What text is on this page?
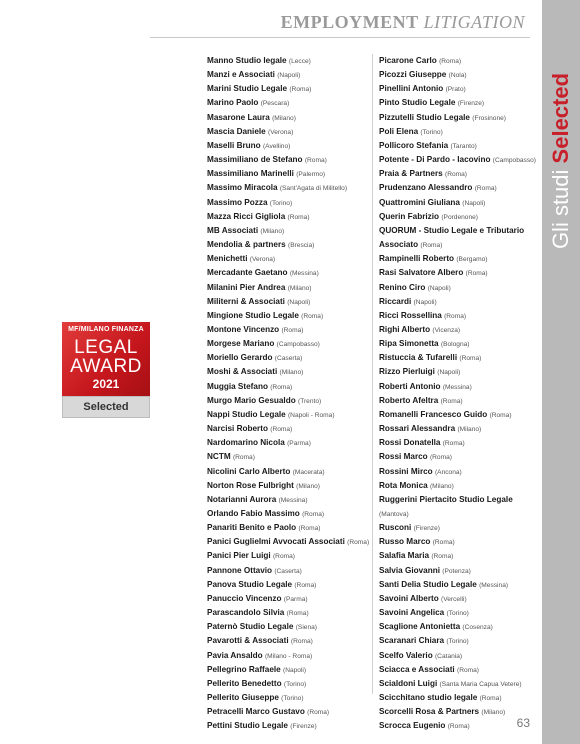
EMPLOYMENT LITIGATION
Gli studi Selected
MF/MILANO FINANZA
LEGAL
AWARD
2021
Selected
Manno Studio legale (Lecce)
Manzi e Associati (Napoli)
Marini Studio Legale (Roma)
Marino Paolo (Pescara)
Masarone Laura (Milano)
Mascia Daniele (Verona)
Maselli Bruno (Avellino)
Massimiliano de Stefano (Roma)
Massimiliano Marinelli (Palermo)
Massimo Miracola (Sant'Agata di Militello)
Massimo Pozza (Torino)
Mazza Ricci Gigliola (Roma)
MB Associati (Milano)
Mendolia & partners (Brescia)
Menichetti (Verona)
Mercadante Gaetano (Messina)
Milanini Pier Andrea (Milano)
Militerni & Associati (Napoli)
Mingione Studio Legale (Roma)
Montone Vincenzo (Roma)
Morgese Mariano (Campobasso)
Moriello Gerardo (Caserta)
Moshi & Associati (Milano)
Muggia Stefano (Roma)
Murgo Mario Gesualdo (Trento)
Nappi Studio Legale (Napoli - Roma)
Narcisi Roberto (Roma)
Nardomarino Nicola (Parma)
NCTM (Roma)
Nicolini Carlo Alberto (Macerata)
Norton Rose Fulbright (Milano)
Notarianni Aurora (Messina)
Orlando Fabio Massimo (Roma)
Panariti Benito e Paolo (Roma)
Panici Guglielmi Avvocati Associati (Roma)
Panici Pier Luigi (Roma)
Pannone Ottavio (Caserta)
Panova Studio Legale (Roma)
Panuccio Vincenzo (Parma)
Parascandolo Silvia (Roma)
Paternò Studio Legale (Siena)
Pavarotti & Associati (Roma)
Pavia Ansaldo (Milano - Roma)
Pellegrino Raffaele (Napoli)
Pellerito Benedetto (Torino)
Pellerito Giuseppe (Torino)
Petracelli Marco Gustavo (Roma)
Pettini Studio Legale (Firenze)
Picarone Carlo (Roma)
Picozzi Giuseppe (Nola)
Pinellini Antonio (Prato)
Pinto Studio Legale (Firenze)
Pizzutelli Studio Legale (Frosinone)
Poli Elena (Torino)
Pollicoro Stefania (Taranto)
Potente - Di Pardo - Iacovino (Campobasso)
Praia & Partners (Roma)
Prudenzano Alessandro (Roma)
Quattromini Giuliana (Napoli)
Querin Fabrizio (Pordenone)
QUORUM - Studio Legale e Tributario
Associato (Roma)
Rampinelli Roberto (Bergamo)
Rasi Salvatore Albero (Roma)
Renino Ciro (Napoli)
Riccardi (Napoli)
Ricci Rossellina (Roma)
Righi Alberto (Vicenza)
Ripa Simonetta (Bologna)
Ristuccia & Tufarelli (Roma)
Rizzo Pierluigi (Napoli)
Roberti Antonio (Messina)
Roberto Afeltra (Roma)
Romanelli Francesco Guido (Roma)
Rossari Alessandra (Milano)
Rossi Donatella (Roma)
Rossi Marco (Roma)
Rossini Mirco (Ancona)
Rota Monica (Milano)
Ruggerini Piertacito Studio Legale
(Mantova)
Rusconi (Firenze)
Russo Marco (Roma)
Salafia Maria (Roma)
Salvia Giovanni (Potenza)
Santi Delia Studio Legale (Messina)
Savoini Alberto (Vercelli)
Savoini Angelica (Torino)
Scaglione Antonietta (Cosenza)
Scaranari Chiara (Torino)
Scelfo Valerio (Catania)
Sciacca e Associati (Roma)
Scialdoni Luigi (Santa Maria Capua Vetere)
Scicchitano studio legale (Roma)
Scorcelli Rosa & Partners (Milano)
Scrocca Eugenio (Roma)	63
